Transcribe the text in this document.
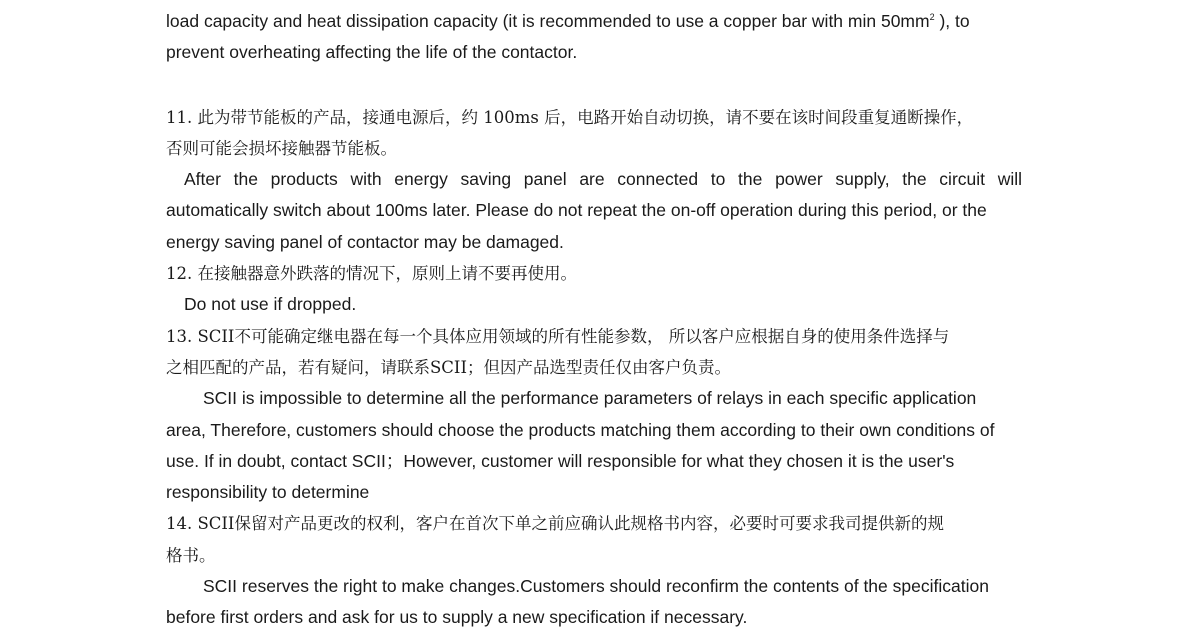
load capacity and heat dissipation capacity (it is recommended to use a copper bar with $\min 50mm^2$ ), to

prevent overheating affecting the life of the contactor.

11. 此为带节能板的产品，接通电源后，约 100ms 后，电路开始自动切换，请不要在该时间段重复通断操作，

否则可能会损坏接触器节能板。

After the products with energy saving panel are connected to the power supply, the circuit will

automatically switch about 100ms later. Please do not repeat the on-off operation during this period, or the

energy saving panel of contactor may be damaged.

12. 在接触器意外跌落的情况下，原则上请不要再使用。

Do not use if dropped.

13. SCII不可能确定继电器在每一个具体应用领域的所有性能参数， 所以客户应根据自身的使用条件选择与

之相匹配的产品，若有疑问，请联系SCII；但因产品选型责任仅由客户负责。

SCII is impossible to determine all the performance parameters of relays in each specific application

area, Therefore, customers should choose the products matching them according to their own conditions of

use. If in doubt, contact SCII；However, customer will responsible for what they chosen it is the user's

responsibility to determine

14. SCII保留对产品更改的权利，客户在首次下单之前应确认此规格书内容，必要时可要求我司提供新的规

格书。

SCII reserves the right to make changes.Customers should reconfirm the contents of the specification

before first orders and ask for us to supply a new specification if necessary.
